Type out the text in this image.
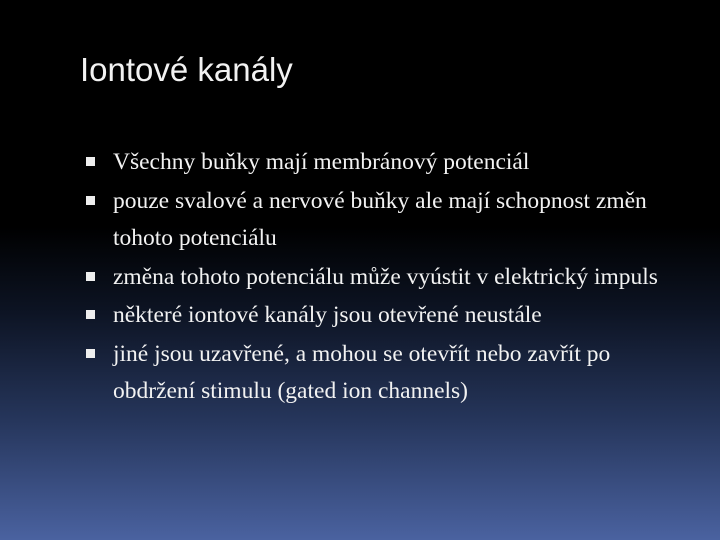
Iontové kanály
Všechny buňky mají membránový potenciál
pouze svalové a nervové buňky ale mají schopnost změn tohoto potenciálu
změna tohoto potenciálu může vyústit v elektrický impuls
některé iontové kanály jsou otevřené neustále
jiné jsou uzavřené, a mohou se otevřít nebo zavřít po obdržení stimulu (gated ion channels)
